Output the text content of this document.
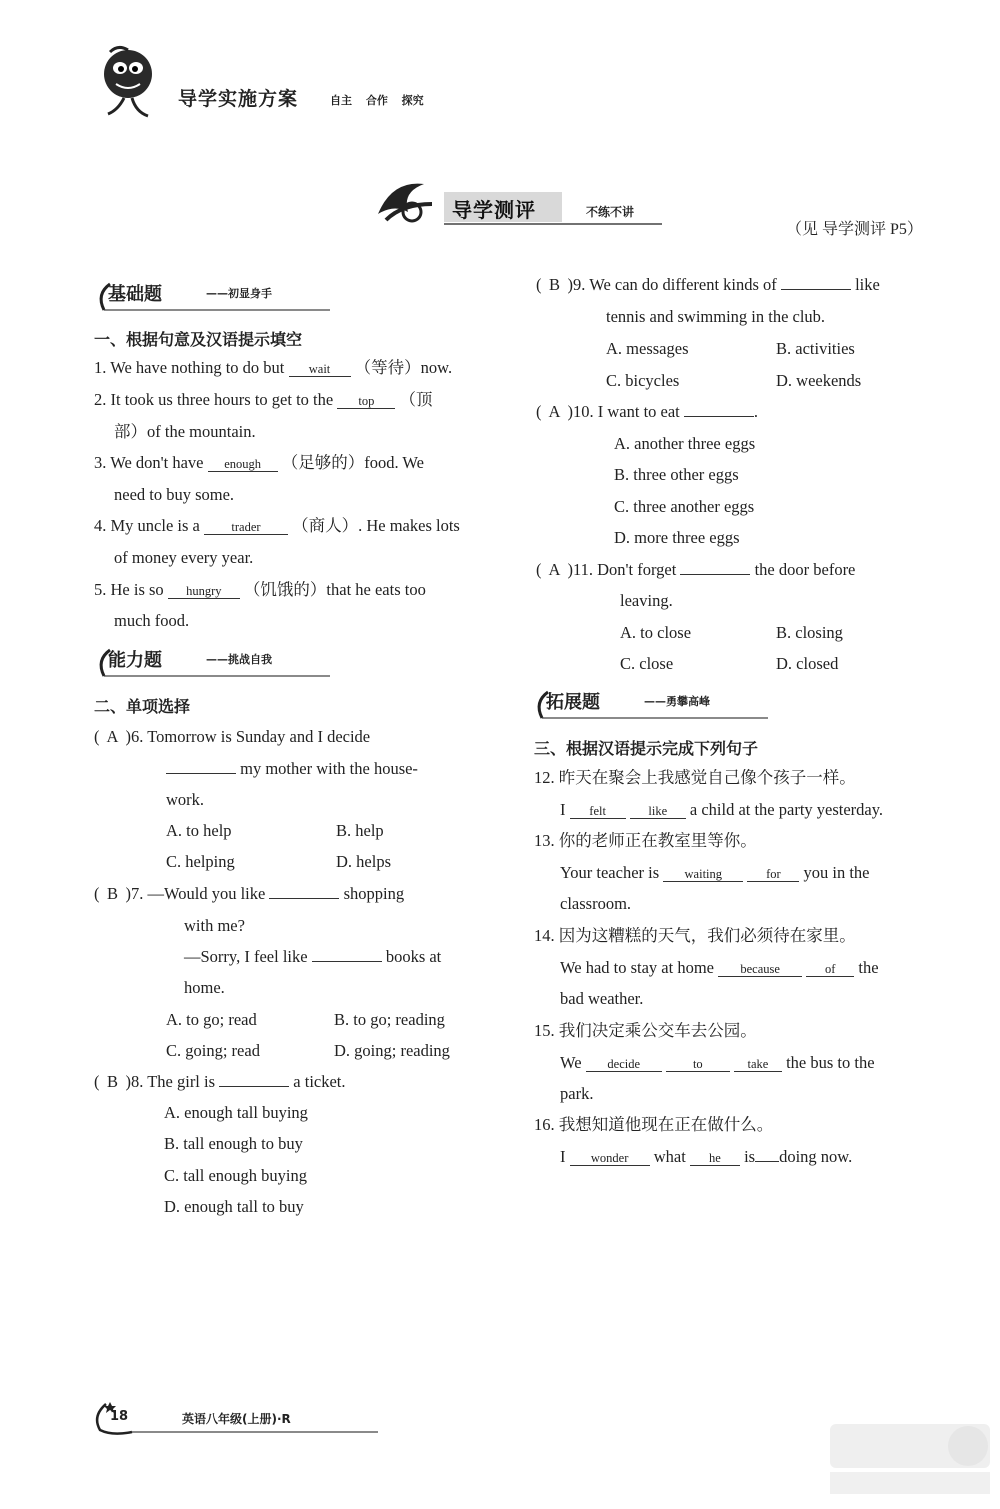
导学实施方案	自主 合作 探究
导学测评	不练不讲
（见 导学测评 P5）
基础题	——初显身手
一、根据句意及汉语提示填空
1. We have nothing to do but wait （等待）now.
2. It took us three hours to get to the top （顶
部）of the mountain.
3. We don't have enough （足够的）food. We
need to buy some.
4. My uncle is a	trader （商人）. He makes lots
of money every year.
5. He is so hungry （饥饿的）that he eats too
much food.
能力题	——挑战自我
二、单项选择
( A )6. Tomorrow is Sunday and I decide
my mother with the house-
work.
A. to help	B. help
C. helping	D. helps
( B )7. —Would you like	shopping
with me?
—Sorry, I feel like	books at
home.
A. to go; read	B. to go; reading
C. going; read	D. going; reading
( B )8. The girl is	a ticket.
A. enough tall buying
B. tall enough to buy
C. tall enough buying
D. enough tall to buy
( B )9. We can do different kinds of	like
tennis and swimming in the club.
A. messages	B. activities
C. bicycles	D. weekends
( A )10. I want to eat	.
A. another three eggs
B. three other eggs
C. three another eggs
D. more three eggs
( A )11. Don't forget	the door before
leaving.
A. to close	B. closing
C. close	D. closed
拓展题	——勇攀高峰
三、根据汉语提示完成下列句子
12. 昨天在聚会上我感觉自己像个孩子一样。
I felt	like a child at the party yesterday.
13. 你的老师正在教室里等你。
Your teacher is waiting	for you in the
classroom.
14. 因为这糟糕的天气，我们必须待在家里。
We had to stay at home because	of the
bad weather.
15. 我们决定乘公交车去公园。
We decide	to	take the bus to the
park.
16. 我想知道他现在正在做什么。
I wonder what he is doing now.
18	英语八年级(上册)·R
